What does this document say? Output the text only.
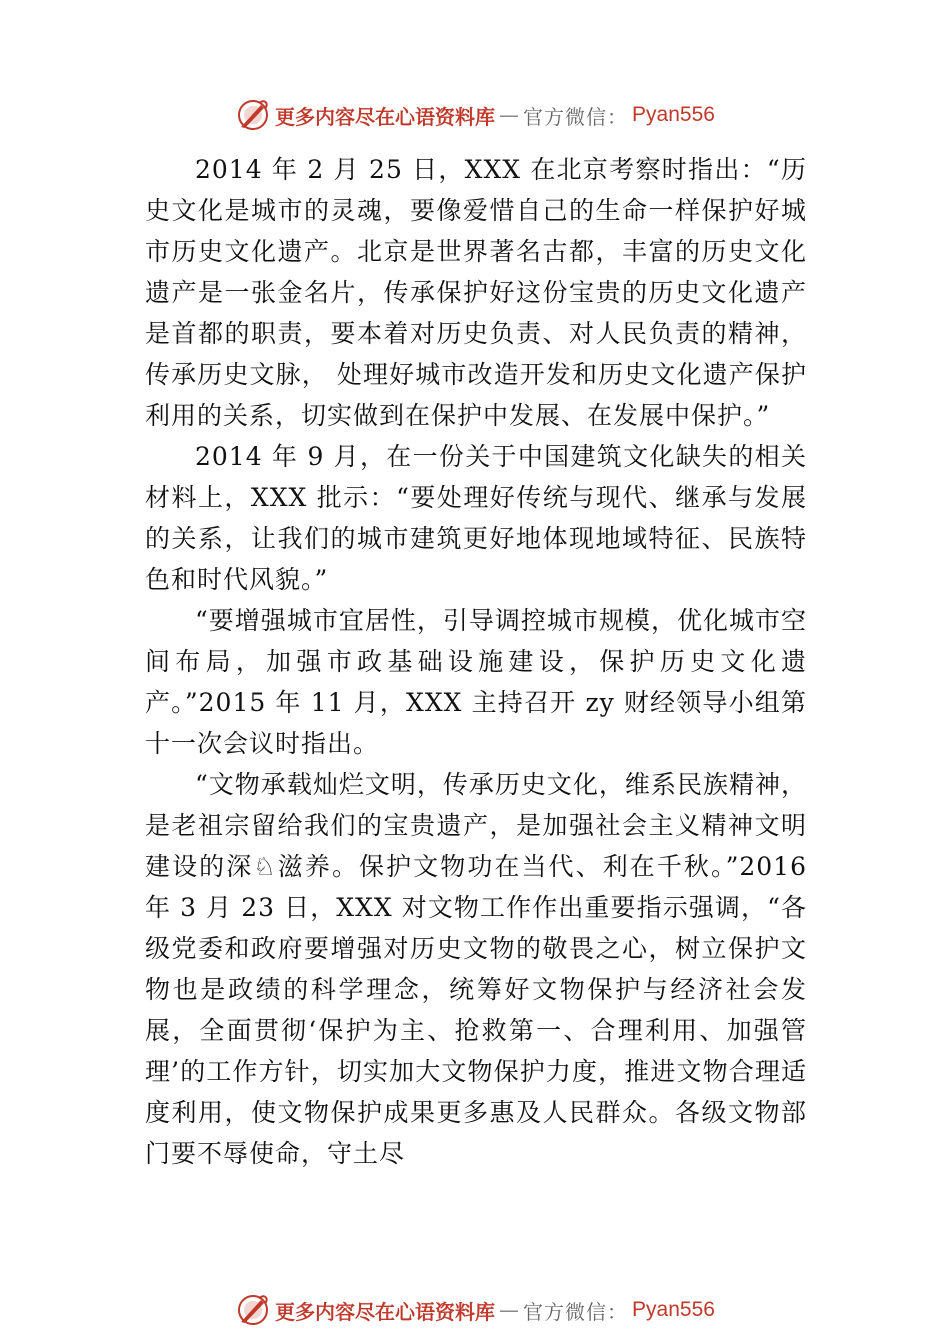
更多内容尽在心语资料库 — 官方微信： Pyan556

2014 年 2 月 25 日，XXX 在北京考察时指出：“历史文化是城市的灵魂，要像爱惜自己的生命一样保护好城市历史文化遗产。北京是世界著名古都，丰富的历史文化遗产是一张金名片，传承保护好这份宝贵的历史文化遗产是首都的职责，要本着对历史负责、对人民负责的精神，传承历史文脉， 处理好城市改造开发和历史文化遗产保护利用的关系，切实做到在保护中发展、在发展中保护。”

2014 年 9 月，在一份关于中国建筑文化缺失的相关材料上，XXX 批示：“要处理好传统与现代、继承与发展的关系，让我们的城市建筑更好地体现地域特征、民族特色和时代风貌。”

“要增强城市宜居性，引导调控城市规模，优化城市空间布局，加强市政基础设施建设，保护历史文化遗产。”2015 年 11 月，XXX 主持召开 zy 财经领导小组第十一次会议时指出。

“文物承载灿烂文明，传承历史文化，维系民族精神，是老祖宗留给我们的宝贵遗产，是加强社会主义精神文明建设的深♘滋养。保护文物功在当代、利在千秋。”2016 年 3 月 23 日，XXX 对文物工作作出重要指示强调，“各级党委和政府要增强对历史文物的敬畏之心，树立保护文物也是政绩的科学理念，统筹好文物保护与经济社会发展，全面贯彻‘保护为主、抢救第一、合理利用、加强管理’的工作方针，切实加大文物保护力度，推进文物合理适度利用，使文物保护成果更多惠及人民群众。各级文物部门要不辱使命，守土尽

更多内容尽在心语资料库 — 官方微信： Pyan556
